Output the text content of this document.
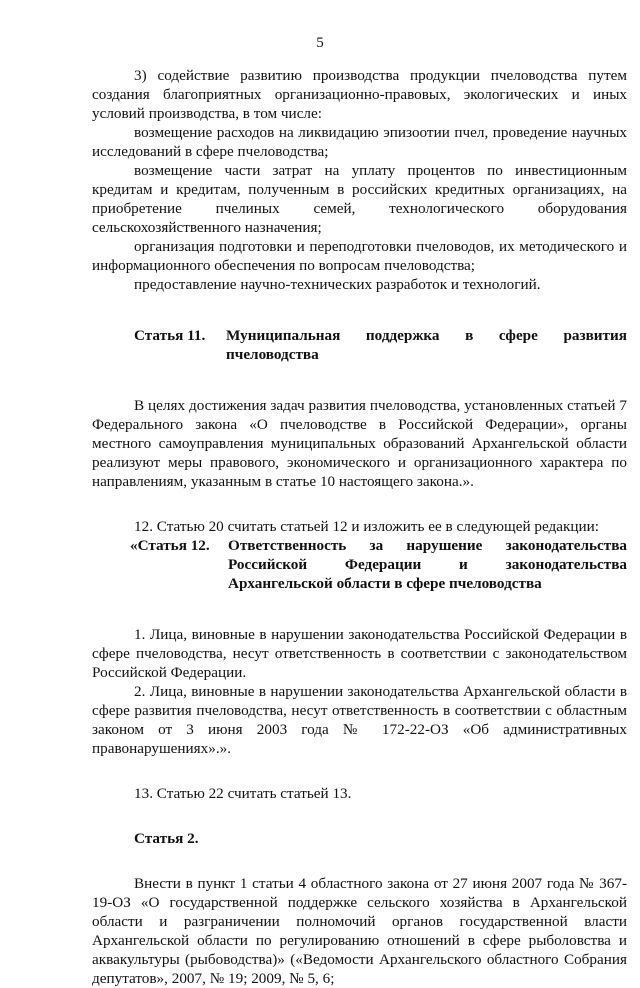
5

3) содействие развитию производства продукции пчеловодства путем создания благоприятных организационно-правовых, экологических и иных условий производства, в том числе:

возмещение расходов на ликвидацию эпизоотии пчел, проведение научных исследований в сфере пчеловодства;

возмещение части затрат на уплату процентов по инвестиционным кредитам и кредитам, полученным в российских кредитных организациях, на приобретение пчелиных семей, технологического оборудования сельскохозяйственного назначения;

организация подготовки и переподготовки пчеловодов, их методического и информационного обеспечения по вопросам пчеловодства;

предоставление научно-технических разработок и технологий.

Статья 11.	Муниципальная поддержка в сфере развития пчеловодства

В целях достижения задач развития пчеловодства, установленных статьей 7 Федерального закона «О пчеловодстве в Российской Федерации», органы местного самоуправления муниципальных образований Архангельской области реализуют меры правового, экономического и организационного характера по направлениям, указанным в статье 10 настоящего закона.».

12. Статью 20 считать статьей 12 и изложить ее в следующей редакции:

«Статья 12.	Ответственность за нарушение законодательства Российской Федерации и законодательства Архангельской области в сфере пчеловодства

1. Лица, виновные в нарушении законодательства Российской Федерации в сфере пчеловодства, несут ответственность в соответствии с законодательством Российской Федерации.

2. Лица, виновные в нарушении законодательства Архангельской области в сфере развития пчеловодства, несут ответственность в соответствии с областным законом от 3 июня 2003 года № 172-22-ОЗ «Об административных правонарушениях».».

13. Статью 22 считать статьей 13.

Статья 2.

Внести в пункт 1 статьи 4 областного закона от 27 июня 2007 года № 367-19-ОЗ «О государственной поддержке сельского хозяйства в Архангельской области и разграничении полномочий органов государственной власти Архангельской области по регулированию отношений в сфере рыболовства и аквакультуры (рыбоводства)» («Ведомости Архангельского областного Собрания депутатов», 2007, № 19; 2009, № 5, 6;
